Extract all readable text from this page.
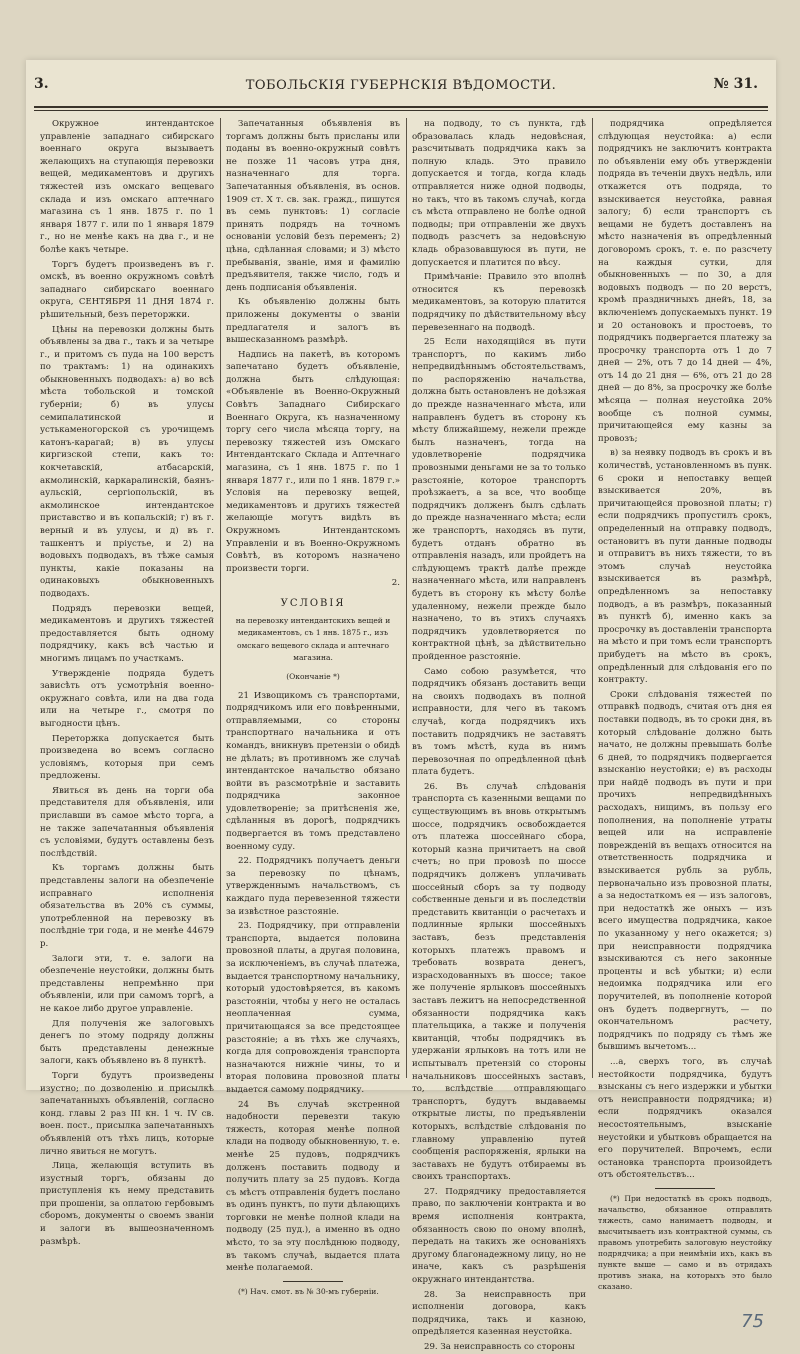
3.	ТОБОЛЬСКІЯ ГУБЕРНСКІЯ ВѢДОМОСТИ.	№ 31.

Окружное интендантское управленіе западнаго сибирскаго военнаго округа вызываетъ желающихъ на ступающія перевозки вещей, медикаментовъ и другихъ тяжестей изъ омскаго вещеваго склада и изъ омскаго аптечнаго магазина съ 1 янв. 1875 г. по 1 января 1877 г. или по 1 января 1879 г., но не менѣе какъ на два г., и не болѣе какъ четыре.

Торгъ будетъ произведенъ въ г. омскѣ, въ военно окружномъ совѣтѣ западнаго сибирскаго военнаго округа, СЕНТЯБРЯ 11 ДНЯ 1874 г. рѣшительный, безъ переторжки.

Цѣны на перевозки должны быть объявлены за два г., такъ и за четыре г., и притомъ съ пуда на 100 верстъ по трактамъ: 1) на одинакихъ обыкновенныхъ подводахъ: а) во всѣ мѣста тобольской и томской губерніи; б) въ улусы семипалатинской и устькаменогорской съ урочищемъ катонъ-карагай; в) въ улусы киргизской степи, какъ то: кокчетавскій, атбасарскій, акмолинскій, каркаралинскій, баянъ-аульскій, сергіопольскій, въ акмолинское интендантское приставство и въ копальскій; г) въ г. верный и въ улусы, и д) въ г. ташкентъ и пріустье, и 2) на водовыхъ подводахъ, въ тѣже самыя пункты, какіе показаны на одинаковыхъ обыкновенныхъ подводахъ.

Подрядъ перевозки вещей, медикаментовъ и другихъ тяжестей предоставляется быть одному подрядчику, какъ всѣ частью и многимъ лицамъ по участкамъ.

Утвержденіе подряда будетъ зависѣть отъ усмотрѣнія военно-окружнаго совѣта, или на два года или на четыре г., смотря по выгодности цѣнъ.

Переторжка допускается быть произведена во всемъ согласно условіямъ, которыя при семъ предложены.

Явиться въ день на торги оба представителя для объявленія, или приславши въ самое мѣсто торга, а не также запечатанныя объявленія съ условіями, будутъ оставлены безъ послѣдствій.

Къ торгамъ должны быть представлены залоги на обезпеченіе исправнаго исполненія обязательства въ 20% съ суммы, употребленной на перевозку въ послѣдніе три года, и не менѣе 44679 р.

Залоги эти, т. е. залоги на обезпеченіе неустойки, должны быть представлены непремѣнно при объявленіи, или при самомъ торгѣ, а не какое либо другое управленіе.

Для полученія же залоговыхъ денегъ по этому подряду должны быть представлены денежные залоги, какъ объявлено въ 8 пунктѣ.

Торги будутъ произведены изустно; по дозволенію и присылкѣ запечатанныхъ объявленій, согласно конд. главы 2 раз III кн. 1 ч. IV св. воен. пост., присылка запечатанныхъ объявленій отъ тѣхъ лицъ, которые лично явиться не могутъ.

Лица, желающія вступить въ изустный торгъ, обязаны до приступленія къ нему представить при прошеніи, за оплатою гербовымъ сборомъ, документы о своемъ званіи и залоги въ вышеозначенномъ размѣрѣ.

Запечатанныя объявленія въ торгамъ должны быть присланы или поданы въ военно-окружный совѣтъ не позже 11 часовъ утра дня, назначеннаго для торга. Запечатанныя объявленія, въ основ. 1909 ст. X т. св. зак. гражд., пишутся въ семь пунктовъ: 1) согласіе принять подрядъ на точномъ основаніи условій безъ переменъ; 2) цѣна, сдѣланная словами; и 3) мѣсто пребыванія, званіе, имя и фамилію предъявителя, также число, годъ и день подписанія объявленія.

Къ объявленію должны быть приложены документы о званіи предлагателя и залогъ въ вышесказанномъ размѣрѣ.

Надпись на пакетѣ, въ которомъ запечатано будетъ объявленіе, должна быть слѣдующая: «Объявленіе въ Военно-Окружный Совѣтъ Западнаго Сибирскаго Военнаго Округа, къ назначенному торгу сего числа мѣсяца торгу, на перевозку тяжестей изъ Омскаго Интендантскаго Склада и Аптечнаго магазина, съ 1 янв. 1875 г. по 1 января 1877 г., или по 1 янв. 1879 г.» Условія на перевозку вещей, медикаментовъ и другихъ тяжестей желающіе могутъ видѣть въ Окружномъ Интендантскомъ Управленіи и въ Военно-Окружномъ Совѣтѣ, въ которомъ назначено произвести торги.

2.

УСЛОВІЯ

на перевозку интендантскихъ вещей и медикаментовъ, съ 1 янв. 1875 г., изъ омскаго вещевого склада и аптечнаго магазина.

(Окончаніе *)

21 Извощикомъ съ транспортами, подрядчикомъ или его повѣренными, отправляемыми, со стороны транспортнаго начальника и отъ командъ, вникнувъ претензіи о обидѣ не дѣлать; въ противномъ же случаѣ интендантское начальство обязано войти въ разсмотрѣніе и заставить подрядчика законное удовлетвореніе; за притѣсненія же, сдѣланныя въ дорогѣ, подрядчикъ подвергается въ томъ представлено военному суду.

22. Подрядчикъ получаетъ деньги за перевозку по цѣнамъ, утвержденнымъ начальствомъ, съ каждаго пуда перевезенной тяжести за извѣстное разстояніе.

23. Подрядчику, при отправленіи транспорта, выдается половина провозной платы, а другая половина, за исключеніемъ, въ случаѣ платежа, выдается транспортному начальнику, который удостовѣряется, въ какомъ разстояніи, чтобы у него не осталась неоплаченная сумма, причитающаяся за все предстоящее разстояніе; а въ тѣхъ же случаяхъ, когда для сопровожденія транспорта назначаются нижніе чины, то и вторая половина провозной платы выдается самому подрядчику.

24 Въ случаѣ экстренной надобности перевезти такую тяжесть, которая менѣе полной клади на подводу обыкновенную, т. е. менѣе 25 пудовъ, подрядчикъ долженъ поставить подводу и получить плату за 25 пудовъ. Когда съ мѣстъ отправленія будетъ послано въ одинъ пунктъ, по пути дѣлающихъ торговки не менѣе полной клади на подводу (25 пуд.), а именно въ одно мѣсто, то за эту послѣднюю подводу, въ такомъ случаѣ, выдается плата менѣе полагаемой.

(*) Нач. смот. въ № 30-мъ губерніи.

на подводу, то съ пункта, гдѣ образовалась кладь недовѣсная, разсчитывать подрядчика какъ за полную кладь. Это правило допускается и тогда, когда кладь отправляется ниже одной подводы, но такъ, что въ такомъ случаѣ, когда съ мѣста отправлено не болѣе одной подводы; при отправленіи же двухъ подводъ разсчетъ за недовѣсную кладь образовавшуюся въ пути, не допускается и платится по вѣсу.

Примѣчаніе: Правило это вполнѣ относится къ перевозкѣ медикаментовъ, за которую платится подрядчику по дѣйствительному вѣсу перевезеннаго на подводѣ.

25 Если находящійся въ пути транспортъ, по какимъ либо непредвидѣннымъ обстоятельствамъ, по распоряженію начальства, должна быть остановленъ не доѣзжая до прежде назначеннаго мѣста, или направленъ будетъ въ сторону къ мѣсту ближайшему, нежели прежде былъ назначенъ, тогда на удовлетвореніе подрядчика провозными деньгами не за то только разстояніе, которое транспортъ проѣзжаетъ, а за все, что вообще подрядчикъ долженъ былъ сдѣлать до прежде назначеннаго мѣста; если же транспортъ, находясь въ пути, будетъ отданъ обратно въ отправленія назадъ, или пройдетъ на слѣдующемъ трактѣ далѣе прежде назначеннаго мѣста, или направленъ будетъ въ сторону къ мѣсту болѣе удаленному, нежели прежде было назначено, то въ этихъ случаяхъ подрядчикъ удовлетворяется по контрактной цѣнѣ, за дѣйствительно пройденное разстояніе.

Само собою разумѣется, что подрядчикъ обязанъ доставить вещи на своихъ подводахъ въ полной исправности, для чего въ такомъ случаѣ, когда подрядчикъ ихъ поставить подрядчикъ не заставятъ въ томъ мѣстѣ, куда въ нимъ перевозочная по опредѣленной цѣнѣ плата будетъ.

26. Въ случаѣ слѣдованія транспорта съ казенными вещами по существующимъ въ вновь открытымъ шоссе, подрядчикъ освобождается отъ платежа шоссейнаго сбора, который казна причитаетъ на свой счетъ; но при провозѣ по шоссе подрядчикъ долженъ уплачивать шоссейный сборъ за ту подводу собственные деньги и въ последствіи представить квитанціи о расчетахъ и подлинные ярлыки шоссейныхъ заставъ, безъ представленія которыхъ платежъ правомъ и требовать возврата денегъ, израсходованныхъ въ шоссе; такое же полученіе ярлыковъ шоссейныхъ заставъ лежитъ на непосредственной обязанности подрядчика какъ плательщика, а также и полученія квитанцій, чтобы подрядчикъ въ удержаніи ярлыковъ на тотъ или не испытывалъ претензій со стороны начальниковъ шоссейныхъ заставъ, то, вслѣдствіе отправляющаго транспортъ, будутъ выдаваемы открытые листы, по предъявленіи которыхъ, вслѣдствіе слѣдованія по главному управленію путей сообщенія распоряженія, ярлыки на заставахъ не будутъ отбираемы въ своихъ транспортахъ.

27. Подрядчику предоставляется право, по заключеніи контракта и во время исполненія контракта, обязанность свою по оному вполнѣ, передать на такихъ же основаніяхъ другому благонадежному лицу, но не иначе, какъ съ разрѣшенія окружнаго интендантства.

28. За неисправность при исполненіи договора, какъ подрядчика, такъ и казною, опредѣляется казенная неустойка.

29. За неисправность со стороны

подрядчика опредѣляется слѣдующая неустойка: а) если подрядчикъ не заключитъ контракта по объявленіи ему объ утвержденіи подряда въ теченіи двухъ недѣль, или откажется отъ подряда, то взыскивается неустойка, равная залогу; б) если транспортъ съ вещами не будетъ доставленъ на мѣсто назначенія въ опредѣленный договоромъ срокъ, т. е. по разсчету на каждыя сутки, для обыкновенныхъ — по 30, а для водовыхъ подводъ — по 20 верстъ, кромѣ праздничныхъ днейъ, 18, за включеніемъ допускаемыхъ пункт. 19 и 20 остановокъ и простоевъ, то подрядчикъ подвергается платежу за просрочку транспорта отъ 1 до 7 дней — 2%, отъ 7 до 14 дней — 4%, отъ 14 до 21 дня — 6%, отъ 21 до 28 дней — до 8%, за просрочку же болѣе мѣсяца — полная неустойка 20% вообще съ полной суммы, причитающейся ему казны за провозъ;

в) за неявку подводъ въ срокъ и въ количествѣ, установленномъ въ пунк. 6 сроки и непоставку вещей взыскивается 20%, въ причитающейся провозной платы; г) если подрядчикъ пропустилъ срокъ, определенный на отправку подводъ, остановитъ въ пути данные подводы и отправитъ въ нихъ тяжести, то въ этомъ случаѣ неустойка взыскивается въ размѣрѣ, опредѣленномъ за непоставку подводъ, а въ размѣръ, показанный въ пунктѣ б), именно какъ за просрочку въ доставленіи транспорта на мѣсто и при томъ если транспортъ прибудетъ на мѣсто въ срокъ, опредѣленный для слѣдованія его по контракту.

Сроки слѣдованія тяжестей по отправкѣ подводъ, считая отъ дня ея поставки подводъ, въ то сроки дня, въ который слѣдованіе должно быть начато, не должны превышать болѣе 6 дней, то подрядчикъ подвергается взысканію неустойки; е) въ расходы при найдё подводъ въ пути и при прочихъ непредвидѣнныхъ расходахъ, нищимъ, въ пользу его пополнения, на пополненіе утраты вещей или на исправленіе поврежденій въ вещахъ относится на ответственность подрядчика и взыскивается рубль за рубль, первоначально изъ провозной платы, а за недостаткомъ ея — изъ залоговъ, при недостаткѣ же оныхъ — изъ всего имущества подрядчика, какое по указанному у него окажется; з) при неисправности подрядчика взыскиваются съ него законные проценты и всѣ убытки; и) если недоимка подрядчика или его поручителей, въ пополненіе которой онъ будетъ подвергнутъ, — по окончательномъ расчету, подрядчикъ по подряду съ тѣмъ же бывшимъ вычетомъ...

...а, сверхъ того, въ случаѣ нестойкости подрядчика, будутъ взысканы съ него издержки и убытки отъ неисправности подрядчика; и) если подрядчикъ оказался несостоятельнымъ, взысканіе неустойки и убытковъ обращается на его поручителей. Впрочемъ, если остановка транспорта произойдетъ отъ обстоятельствъ...

(*) При недостаткѣ въ срокъ подводъ, начальство, обязанное отправлять тяжесть, само нанимаетъ подводы, и высчитываетъ изъ контрактной суммы, съ правомъ употребить залоговую неустойку подрядчика; а при неимѣніи ихъ, какъ въ пункте выше — само и въ отрядахъ противъ знака, на которыхъ это было сказано.

75
